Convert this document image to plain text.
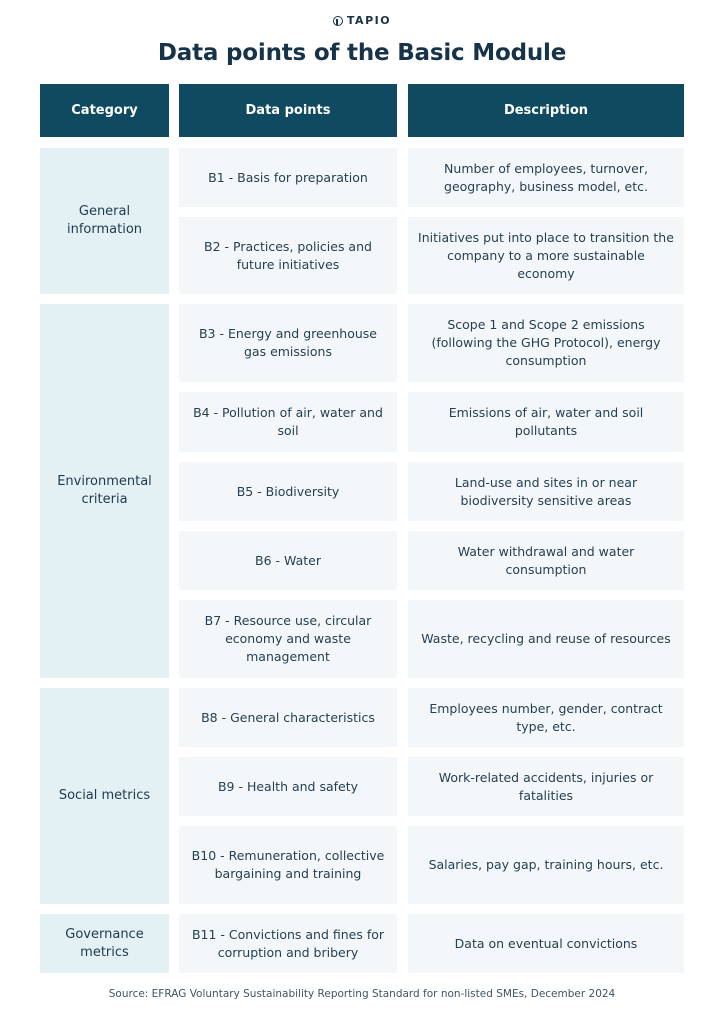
TAPIO
Data points of the Basic Module
Category	Data points	Description
General information
Environmental criteria
Social metrics
Governance metrics
B1 - Basis for preparation
Number of employees, turnover, geography, business model, etc.
B2 - Practices, policies and future initiatives
Initiatives put into place to transition the company to a more sustainable economy
B3 - Energy and greenhouse gas emissions
Scope 1 and Scope 2 emissions (following the GHG Protocol), energy consumption
B4 - Pollution of air, water and soil
Emissions of air, water and soil pollutants
B5 - Biodiversity
Land-use and sites in or near biodiversity sensitive areas
B6 - Water
Water withdrawal and water consumption
B7 - Resource use, circular economy and waste management
Waste, recycling and reuse of resources
B8 - General characteristics
Employees number, gender, contract type, etc.
B9 - Health and safety
Work-related accidents, injuries or fatalities
B10 - Remuneration, collective bargaining and training
Salaries, pay gap, training hours, etc.
B11 - Convictions and fines for corruption and bribery
Data on eventual convictions
Source: EFRAG Voluntary Sustainability Reporting Standard for non-listed SMEs, December 2024
